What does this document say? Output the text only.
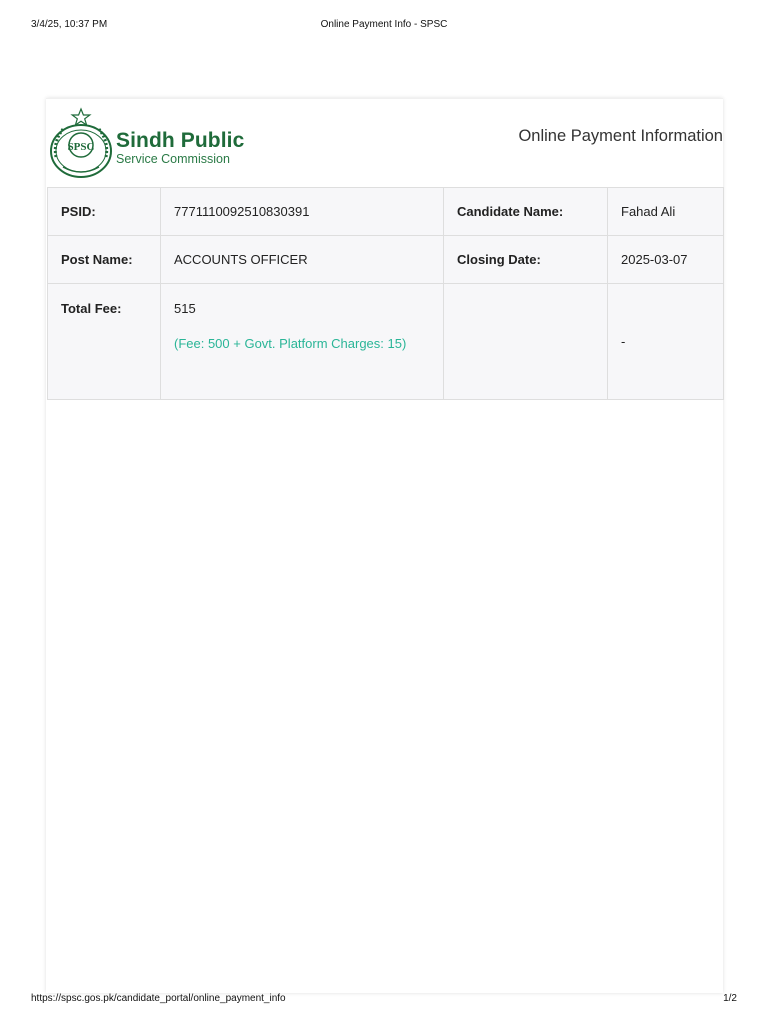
3/4/25, 10:37 PM	Online Payment Info - SPSC
SPSC Sindh Public
Service Commission
Online Payment Information
PSID:	7771110092510830391	Candidate Name:	Fahad Ali
Post Name:	ACCOUNTS OFFICER	Closing Date:	2025-03-07
Total Fee:	515
(Fee: 500 + Govt. Platform Charges: 15)		-
https://spsc.gos.pk/candidate_portal/online_payment_info	1/2
